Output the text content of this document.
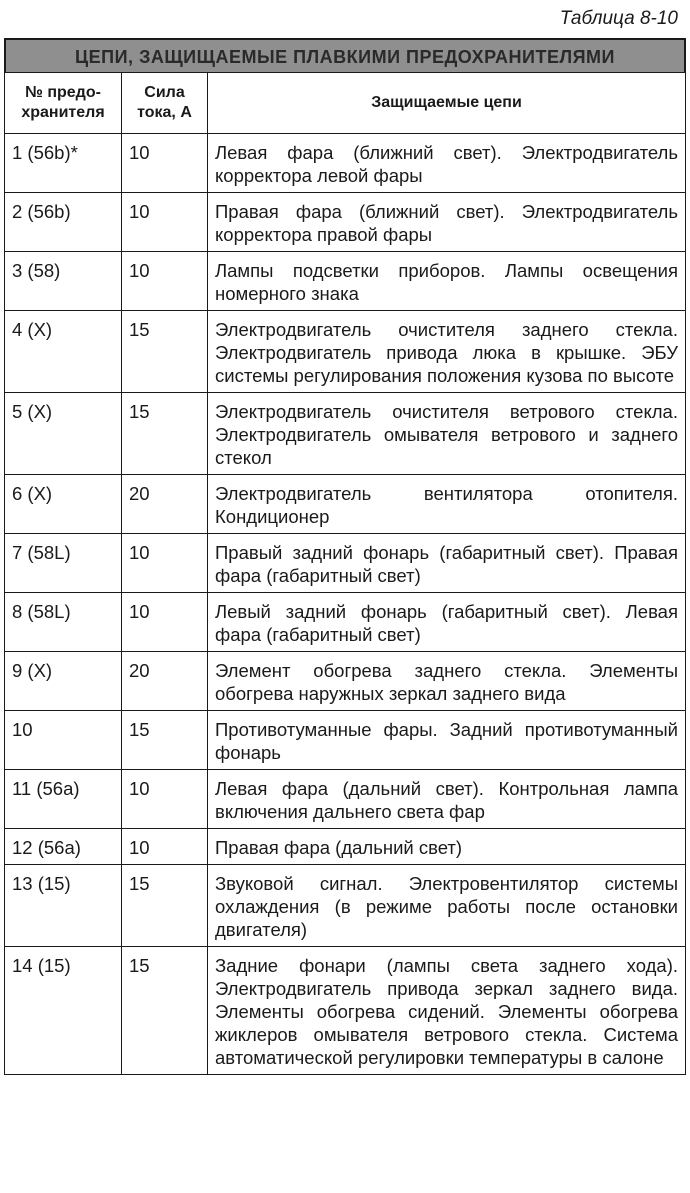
Таблица 8-10
ЦЕПИ, ЗАЩИЩАЕМЫЕ ПЛАВКИМИ ПРЕДОХРАНИТЕЛЯМИ
№ предо-хранителя	Сила тока, А	Защищаемые цепи
1 (56b)*	10	Левая фара (ближний свет). Электродвигатель корректора левой фары
2 (56b)	10	Правая фара (ближний свет). Электродвигатель корректора правой фары
3 (58)	10	Лампы подсветки приборов. Лампы освещения номерного знака
4 (X)	15	Электродвигатель очистителя заднего стекла. Электродвигатель привода люка в крышке. ЭБУ системы регулирования положения кузова по высоте
5 (X)	15	Электродвигатель очистителя ветрового стекла. Электродвигатель омывателя ветрового и заднего стекол
6 (X)	20	Электродвигатель вентилятора отопителя. Кондиционер
7 (58L)	10	Правый задний фонарь (габаритный свет). Правая фара (габаритный свет)
8 (58L)	10	Левый задний фонарь (габаритный свет). Левая фара (габаритный свет)
9 (X)	20	Элемент обогрева заднего стекла. Элементы обогрева наружных зеркал заднего вида
10	15	Противотуманные фары. Задний противотуманный фонарь
11 (56a)	10	Левая фара (дальний свет). Контрольная лампа включения дальнего света фар
12 (56a)	10	Правая фара (дальний свет)
13 (15)	15	Звуковой сигнал. Электровентилятор системы охлаждения (в режиме работы после остановки двигателя)
14 (15)	15	Задние фонари (лампы света заднего хода). Электродвигатель привода зеркал заднего вида. Элементы обогрева сидений. Элементы обогрева жиклеров омывателя ветрового стекла. Система автоматической регулировки температуры в салоне
